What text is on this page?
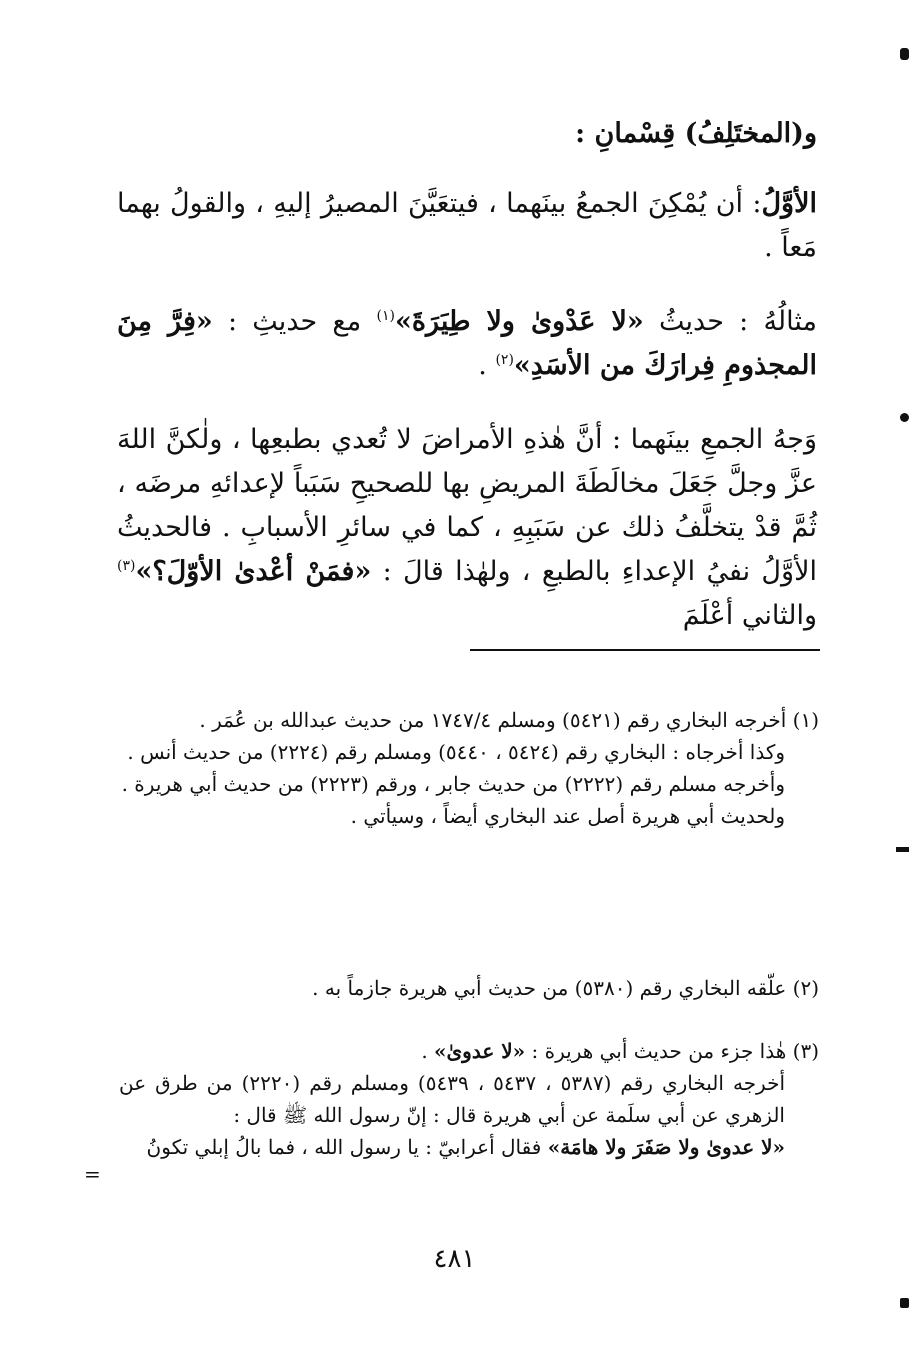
و(المختَلِفُ) قِسْمانِ :

الأوَّلُ: أن يُمْكِنَ الجمعُ بينَهما ، فيتعَيَّنَ المصيرُ إليهِ ، والقولُ بهما مَعاً .

مثالُهُ : حديثُ «لا عَدْوىٰ ولا طِيَرَةَ»$^{(١)}$ مع حديثِ : «فِرَّ مِنَ المجذومِ فِرارَكَ من الأسَدِ»$^{(٢)}$ .

وَجهُ الجمعِ بينَهما : أنَّ هٰذهِ الأمراضَ لا تُعدي بطبعِها ، ولٰكنَّ اللهَ عزَّ وجلَّ جَعَلَ مخالَطَةَ المريضِ بها للصحيحِ سَبَباً لإعدائهِ مرضَه ، ثُمَّ قدْ يتخلَّفُ ذلك عن سَبَبِهِ ، كما في سائرِ الأسبابِ . فالحديثُ الأوَّلُ نفيُ الإعداءِ بالطبعِ ، ولهٰذا قالَ : «فمَنْ أعْدىٰ الأوّلَ؟»$^{(٣)}$ والثاني أعْلَمَ

(١) أخرجه البخاري رقم (٥٤٢١) ومسلم ١٧٤٧/٤ من حديث عبدالله بن عُمَر .

وكذا أخرجاه : البخاري رقم (٥٤٢٤ ، ٥٤٤٠) ومسلم رقم (٢٢٢٤) من حديث أنس .

وأخرجه مسلم رقم (٢٢٢٢) من حديث جابر ، ورقم (٢٢٢٣) من حديث أبي هريرة .

ولحديث أبي هريرة أصل عند البخاري أيضاً ، وسيأتي .

(٢) علّقه البخاري رقم (٥٣٨٠) من حديث أبي هريرة جازماً به .

(٣) هٰذا جزء من حديث أبي هريرة : «لا عدوىٰ» .

أخرجه البخاري رقم (٥٣٨٧ ، ٥٤٣٧ ، ٥٤٣٩) ومسلم رقم (٢٢٢٠) من طرق عن الزهري عن أبي سلَمة عن أبي هريرة قال : إنّ رسول الله ﷺ قال :

«لا عدوىٰ ولا صَفَرَ ولا هامَة» فقال أعرابيّ : يا رسول الله ، فما بالُ إبلي تكونُ

=
٤٨١
